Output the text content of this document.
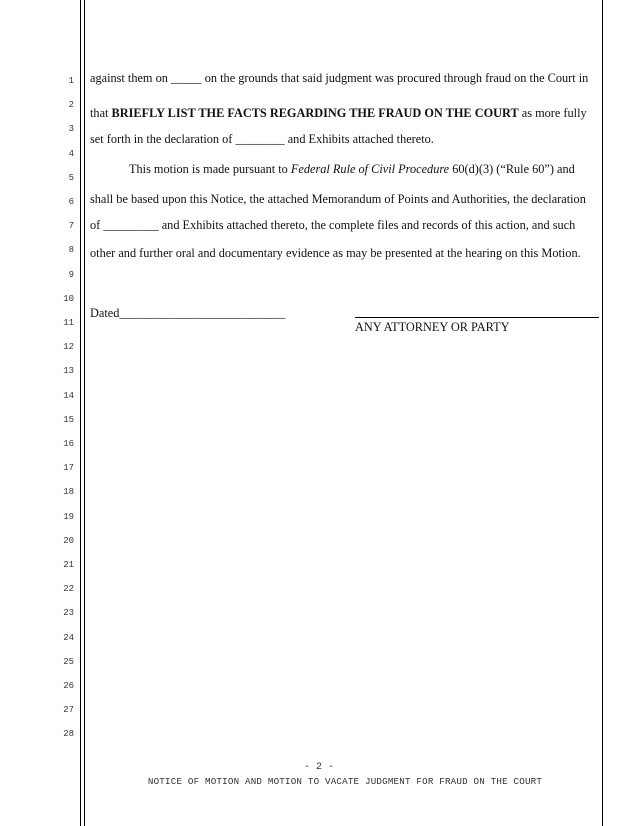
1
2
3
4
5
6
7
8
9
10
11
12
13
14
15
16
17
18
19
20
21
22
23
24
25
26
27
28
against them on _____ on the grounds that said judgment was procured through fraud on the Court in
that BRIEFLY LIST THE FACTS REGARDING THE FRAUD ON THE COURT as more fully
set forth in the declaration of ________ and Exhibits attached thereto.
This motion is made pursuant to Federal Rule of Civil Procedure 60(d)(3) (“Rule 60”) and
shall be based upon this Notice, the attached Memorandum of Points and Authorities, the declaration
of _________ and Exhibits attached thereto, the complete files and records of this action, and such
other and further oral and documentary evidence as may be presented at the hearing on this Motion.
Dated___________________________
ANY ATTORNEY OR PARTY
- 2 -
NOTICE OF MOTION AND MOTION TO VACATE JUDGMENT FOR FRAUD ON THE COURT
